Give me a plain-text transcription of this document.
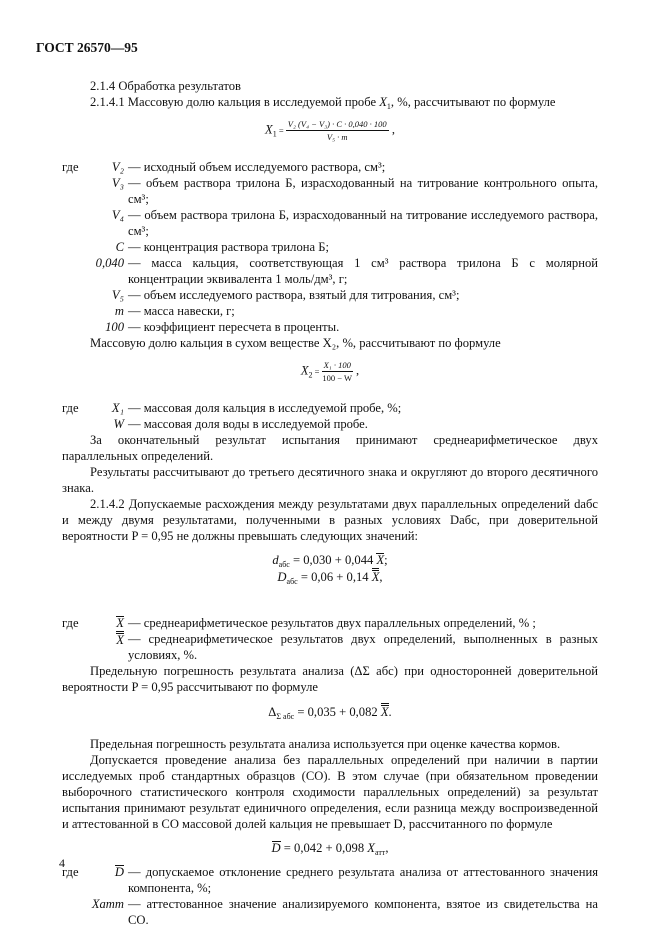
ГОСТ 26570—95

2.1.4 Обработка результатов

2.1.4.1 Массовую долю кальция в исследуемой пробе $X_1$, %, рассчитывают по формуле

$X_1 = \frac{\text{V₂ (V₄ − V₃) · C · 0,040 · 100}}{\text{V₅ · m}}$ ,
где	V₂	— исходный объем исследуемого раствора, см³;
	V₃	— объем раствора трилона Б, израсходованный на титрование контрольного опыта, см³;
	V₄	— объем раствора трилона Б, израсходованный на титрование исследуемого раствора, см³;
	C	— концентрация раствора трилона Б;
	0,040	— масса кальция, соответствующая 1 см³ раствора трилона Б с молярной концентрации эквивалента 1 моль/дм³, г;
	V₅	— объем исследуемого раствора, взятый для титрования, см³;
	m	— масса навески, г;
	100	— коэффициент пересчета в проценты.

Массовую долю кальция в сухом веществе X₂, %, рассчитывают по формуле

$X_2 = \frac{\text{X₁ · 100}}{100 - W}$ ,
где	X₁	— массовая доля кальция в исследуемой пробе, %;
	W	— массовая доля воды в исследуемой пробе.

За окончательный результат испытания принимают среднеарифметическое двух параллельных определений.

Результаты рассчитывают до третьего десятичного знака и округляют до второго десятичного знака.

2.1.4.2 Допускаемые расхождения между результатами двух параллельных определений dабс и между двумя результатами, полученными в разных условиях Dабс, при доверительной вероятности P = 0,95 не должны превышать следующих значений:

$d_{абс} = 0,030 + 0,044$ X;
$D_{абс} = 0,06 + 0,14$ X,
где	X	— среднеарифметическое результатов двух параллельных определений, % ;
	X	— среднеарифметическое результатов двух определений, выполненных в разных условиях, %.

Предельную погрешность результата анализа (ΔΣ абс) при односторонней доверительной вероятности P = 0,95 рассчитывают по формуле

$\Delta_{\Sigma абс} = 0,035 + 0,082$ X.

Предельная погрешность результата анализа используется при оценке качества кормов.

Допускается проведение анализа без параллельных определений при наличии в партии исследуемых проб стандартных образцов (СО). В этом случае (при обязательном проведении выборочного статистического контроля сходимости параллельных определений) за результат испытания принимают результат единичного определения, если разница между воспроизведенной и аттестованной в СО массовой долей кальция не превышает D, рассчитанного по формуле

D = 0,042 + 0,098 $X_{атт}$,
где	D	— допускаемое отклонение среднего результата анализа от аттестованного значения компонента, %;
	Xатт	— аттестованное значение анализируемого компонента, взятое из свидетельства на СО.
4
